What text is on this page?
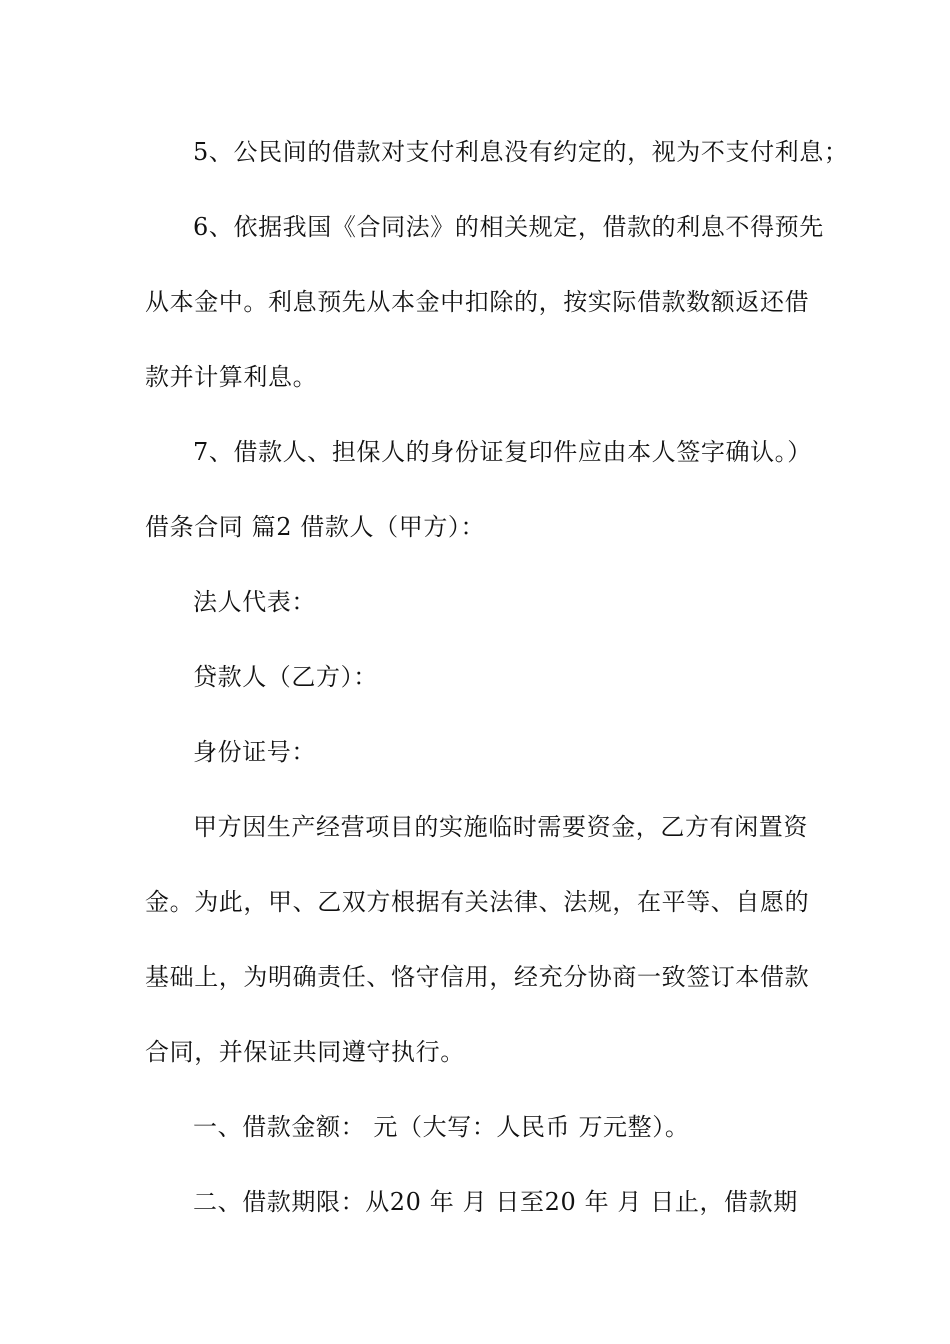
5、公民间的借款对支付利息没有约定的，视为不支付利息；
6、依据我国《合同法》的相关规定，借款的利息不得预先
从本金中。利息预先从本金中扣除的，按实际借款数额返还借
款并计算利息。
7、借款人、担保人的身份证复印件应由本人签字确认。）
借条合同 篇2 借款人（甲方）：
法人代表：
贷款人（乙方）：
身份证号：
甲方因生产经营项目的实施临时需要资金，乙方有闲置资
金。为此，甲、乙双方根据有关法律、法规，在平等、自愿的
基础上，为明确责任、恪守信用，经充分协商一致签订本借款
合同，并保证共同遵守执行。
一、借款金额： 元（大写：人民币 万元整）。
二、借款期限：从20 年 月 日至20 年 月 日止，借款期
